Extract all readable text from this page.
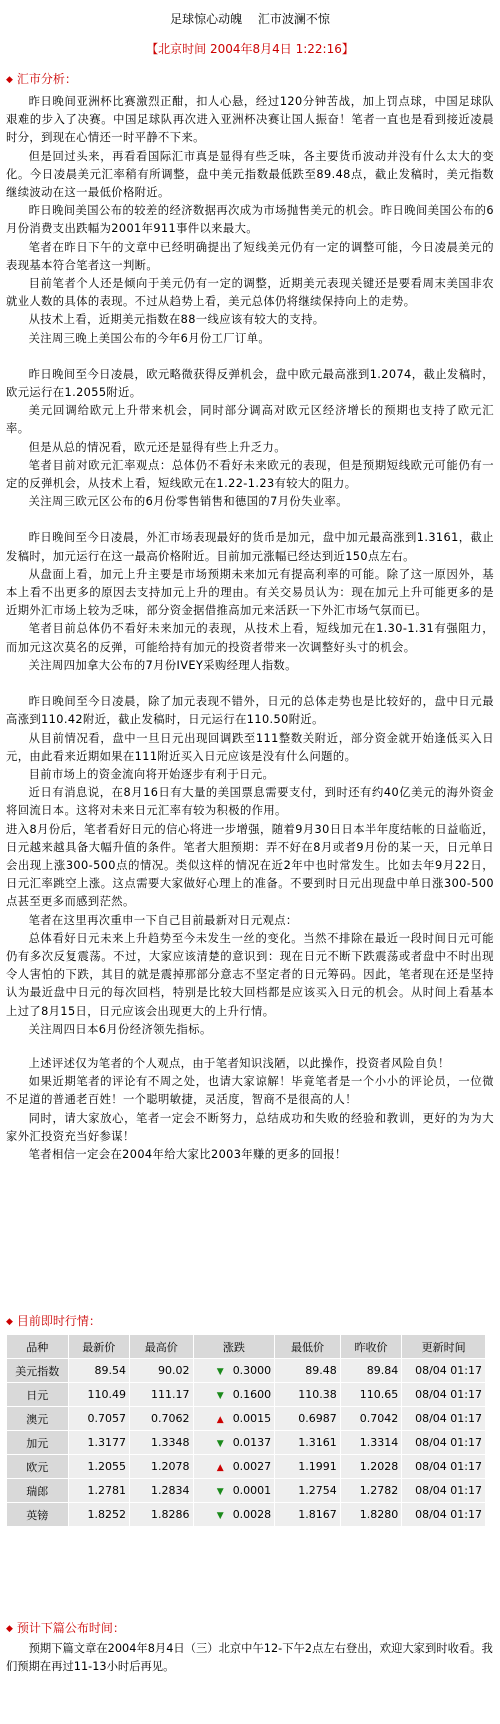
足球惊心动魄 汇市波澜不惊
【北京时间 2004年8月4日 1:22:16】
◆ 汇市分析：

昨日晚间亚洲杯比赛激烈正酣，扣人心悬，经过120分钟苦战，加上罚点球，中国足球队艰难的步入了决赛。中国足球队再次进入亚洲杯决赛让国人振奋！笔者一直也是看到接近凌晨时分，到现在心情还一时平静不下来。

但是回过头来，再看看国际汇市真是显得有些乏味，各主要货币波动并没有什么太大的变化。今日凌晨美元汇率稍有所调整，盘中美元指数最低跌至89.48点，截止发稿时，美元指数继续波动在这一最低价格附近。

昨日晚间美国公布的较差的经济数据再次成为市场抛售美元的机会。昨日晚间美国公布的6月份消费支出跌幅为2001年911事件以来最大。

笔者在昨日下午的文章中已经明确提出了短线美元仍有一定的调整可能，今日凌晨美元的表现基本符合笔者这一判断。

目前笔者个人还是倾向于美元仍有一定的调整，近期美元表现关键还是要看周末美国非农就业人数的具体的表现。不过从趋势上看，美元总体仍将继续保持向上的走势。

从技术上看，近期美元指数在88一线应该有较大的支持。

关注周三晚上美国公布的今年6月份工厂订单。

昨日晚间至今日凌晨，欧元略微获得反弹机会，盘中欧元最高涨到1.2074，截止发稿时，欧元运行在1.2055附近。

美元回调给欧元上升带来机会，同时部分调高对欧元区经济增长的预期也支持了欧元汇率。

但是从总的情况看，欧元还是显得有些上升乏力。

笔者目前对欧元汇率观点：总体仍不看好未来欧元的表现，但是预期短线欧元可能仍有一定的反弹机会，从技术上看，短线欧元在1.22-1.23有较大的阻力。

关注周三欧元区公布的6月份零售销售和德国的7月份失业率。

昨日晚间至今日凌晨，外汇市场表现最好的货币是加元，盘中加元最高涨到1.3161，截止发稿时，加元运行在这一最高价格附近。目前加元涨幅已经达到近150点左右。

从盘面上看，加元上升主要是市场预期未来加元有提高利率的可能。除了这一原因外，基本上看不出更多的原因去支持加元上升的理由。有关交易员认为：现在加元上升可能更多的是近期外汇市场上较为乏味，部分资金据借推高加元来活跃一下外汇市场气氛而已。

笔者目前总体仍不看好未来加元的表现，从技术上看，短线加元在1.30-1.31有强阻力，而加元这次莫名的反弹，可能给持有加元的投资者带来一次调整好头寸的机会。

关注周四加拿大公布的7月份IVEY采购经理人指数。

昨日晚间至今日凌晨，除了加元表现不错外，日元的总体走势也是比较好的，盘中日元最高涨到110.42附近，截止发稿时，日元运行在110.50附近。

从目前情况看，盘中一旦日元出现回调跌至111整数关附近，部分资金就开始逢低买入日元，由此看来近期如果在111附近买入日元应该是没有什么问题的。

目前市场上的资金流向将开始逐步有利于日元。

近日有消息说，在8月16日有大量的美国票息需要支付，到时还有约40亿美元的海外资金将回流日本。这将对未来日元汇率有较为积极的作用。

进入8月份后，笔者看好日元的信心将进一步增强，随着9月30日日本半年度结帐的日益临近，日元越来越具备大幅升值的条件。笔者大胆预期：弄不好在8月或者9月份的某一天，日元单日会出现上涨300-500点的情况。类似这样的情况在近2年中也时常发生。比如去年9月22日，日元汇率跳空上涨。这点需要大家做好心理上的准备。不要到时日元出现盘中单日涨300-500点甚至更多而感到茫然。

笔者在这里再次重申一下自己目前最新对日元观点：

总体看好日元未来上升趋势至今未发生一丝的变化。当然不排除在最近一段时间日元可能仍有多次反复震荡。不过，大家应该清楚的意识到：现在日元不断下跌震荡或者盘中不时出现令人害怕的下跌，其目的就是震掉那部分意志不坚定者的日元筹码。因此，笔者现在还是坚持认为最近盘中日元的每次回档，特别是比较大回档都是应该买入日元的机会。从时间上看基本上过了8月15日，日元应该会出现更大的上升行情。

关注周四日本6月份经济领先指标。

上述评述仅为笔者的个人观点，由于笔者知识浅陋，以此操作，投资者风险自负！

如果近期笔者的评论有不周之处，也请大家谅解！毕竟笔者是一个小小的评论员，一位微不足道的普通老百姓！一个聪明敏捷，灵活度，智商不是很高的人！

同时，请大家放心，笔者一定会不断努力，总结成功和失败的经验和教训，更好的为为大家外汇投资充当好参谋！

笔者相信一定会在2004年给大家比2003年赚的更多的回报！

◆ 目前即时行情：
品种	最新价	最高价	涨跌	最低价	昨收价	更新时间
美元指数	89.54	90.02	▼ 0.3000	89.48	89.84	08/04 01:17
日元	110.49	111.17	▼ 0.1600	110.38	110.65	08/04 01:17
澳元	0.7057	0.7062	▲ 0.0015	0.6987	0.7042	08/04 01:17
加元	1.3177	1.3348	▼ 0.0137	1.3161	1.3314	08/04 01:17
欧元	1.2055	1.2078	▲ 0.0027	1.1991	1.2028	08/04 01:17
瑞郎	1.2781	1.2834	▼ 0.0001	1.2754	1.2782	08/04 01:17
英镑	1.8252	1.8286	▼ 0.0028	1.8167	1.8280	08/04 01:17
◆ 预计下篇公布时间：

预期下篇文章在2004年8月4日（三）北京中午12-下午2点左右登出，欢迎大家到时收看。我们预期在再过11-13小时后再见。
